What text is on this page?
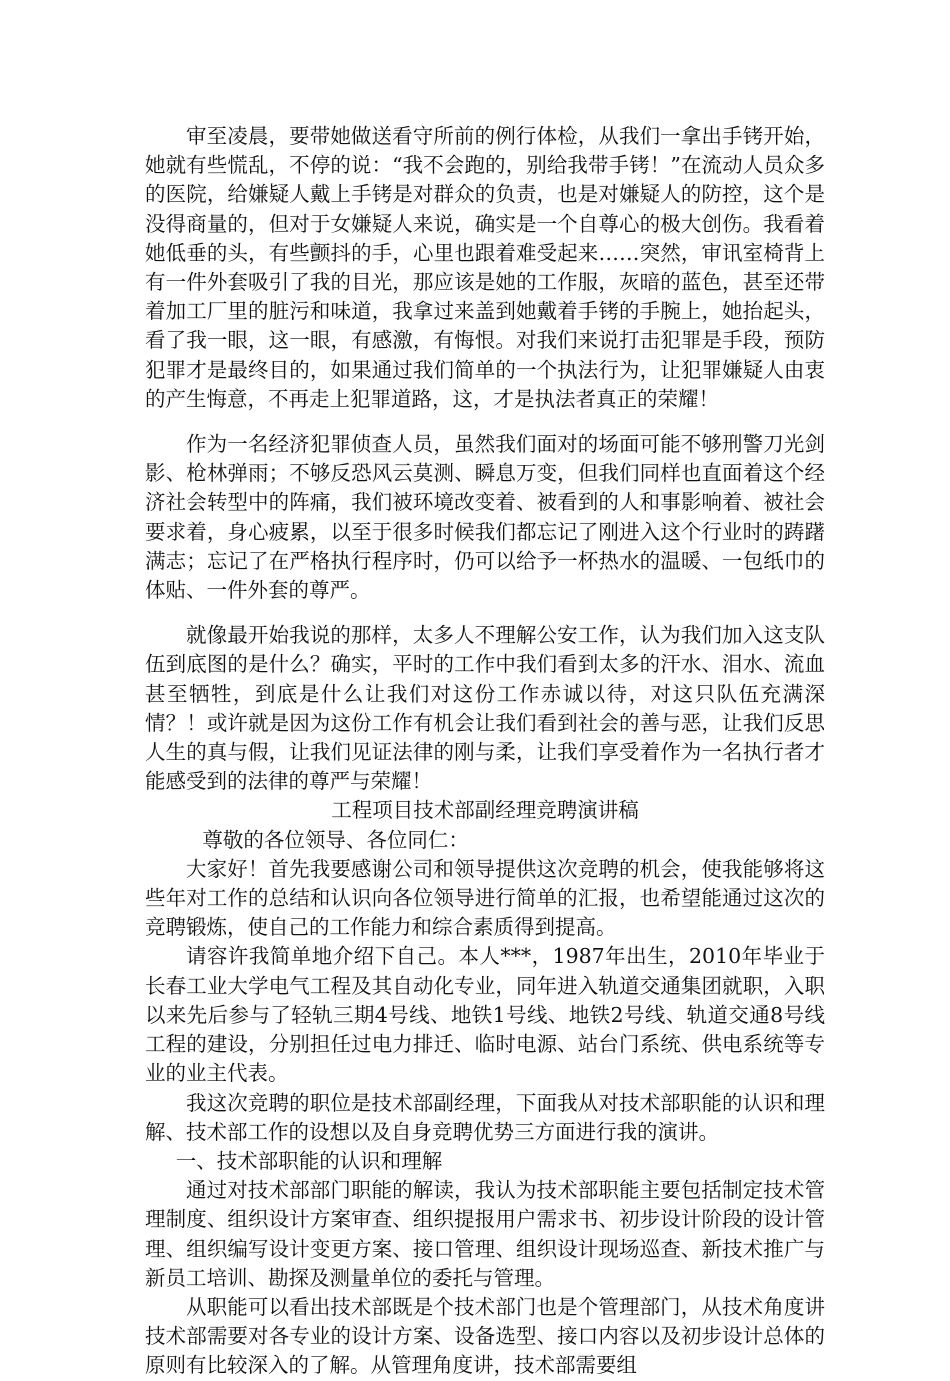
审至凌晨，要带她做送看守所前的例行体检，从我们一拿出手铐开始，她就有些慌乱，不停的说：“我不会跑的，别给我带手铐！”在流动人员众多的医院，给嫌疑人戴上手铐是对群众的负责，也是对嫌疑人的防控，这个是没得商量的，但对于女嫌疑人来说，确实是一个自尊心的极大创伤。我看着她低垂的头，有些颤抖的手，心里也跟着难受起来……突然，审讯室椅背上有一件外套吸引了我的目光，那应该是她的工作服，灰暗的蓝色，甚至还带着加工厂里的脏污和味道，我拿过来盖到她戴着手铐的手腕上，她抬起头，看了我一眼，这一眼，有感激，有悔恨。对我们来说打击犯罪是手段，预防犯罪才是最终目的，如果通过我们简单的一个执法行为，让犯罪嫌疑人由衷的产生悔意，不再走上犯罪道路，这，才是执法者真正的荣耀！

作为一名经济犯罪侦查人员，虽然我们面对的场面可能不够刑警刀光剑影、枪林弹雨；不够反恐风云莫测、瞬息万变，但我们同样也直面着这个经济社会转型中的阵痛，我们被环境改变着、被看到的人和事影响着、被社会要求着，身心疲累，以至于很多时候我们都忘记了刚进入这个行业时的踌躇满志；忘记了在严格执行程序时，仍可以给予一杯热水的温暖、一包纸巾的体贴、一件外套的尊严。

就像最开始我说的那样，太多人不理解公安工作，认为我们加入这支队伍到底图的是什么？确实，平时的工作中我们看到太多的汗水、泪水、流血甚至牺牲，到底是什么让我们对这份工作赤诚以待，对这只队伍充满深情？！或许就是因为这份工作有机会让我们看到社会的善与恶，让我们反思人生的真与假，让我们见证法律的刚与柔，让我们享受着作为一名执行者才能感受到的法律的尊严与荣耀！

工程项目技术部副经理竞聘演讲稿

尊敬的各位领导、各位同仁：

大家好！首先我要感谢公司和领导提供这次竞聘的机会，使我能够将这些年对工作的总结和认识向各位领导进行简单的汇报，也希望能通过这次的竞聘锻炼，使自己的工作能力和综合素质得到提高。

请容许我简单地介绍下自己。本人***，1987年出生，2010年毕业于长春工业大学电气工程及其自动化专业，同年进入轨道交通集团就职，入职以来先后参与了轻轨三期4号线、地铁1号线、地铁2号线、轨道交通8号线工程的建设，分别担任过电力排迁、临时电源、站台门系统、供电系统等专业的业主代表。

我这次竞聘的职位是技术部副经理，下面我从对技术部职能的认识和理解、技术部工作的设想以及自身竞聘优势三方面进行我的演讲。

一、技术部职能的认识和理解

通过对技术部部门职能的解读，我认为技术部职能主要包括制定技术管理制度、组织设计方案审查、组织提报用户需求书、初步设计阶段的设计管理、组织编写设计变更方案、接口管理、组织设计现场巡查、新技术推广与新员工培训、勘探及测量单位的委托与管理。

从职能可以看出技术部既是个技术部门也是个管理部门，从技术角度讲技术部需要对各专业的设计方案、设备选型、接口内容以及初步设计总体的原则有比较深入的了解。从管理角度讲，技术部需要组
